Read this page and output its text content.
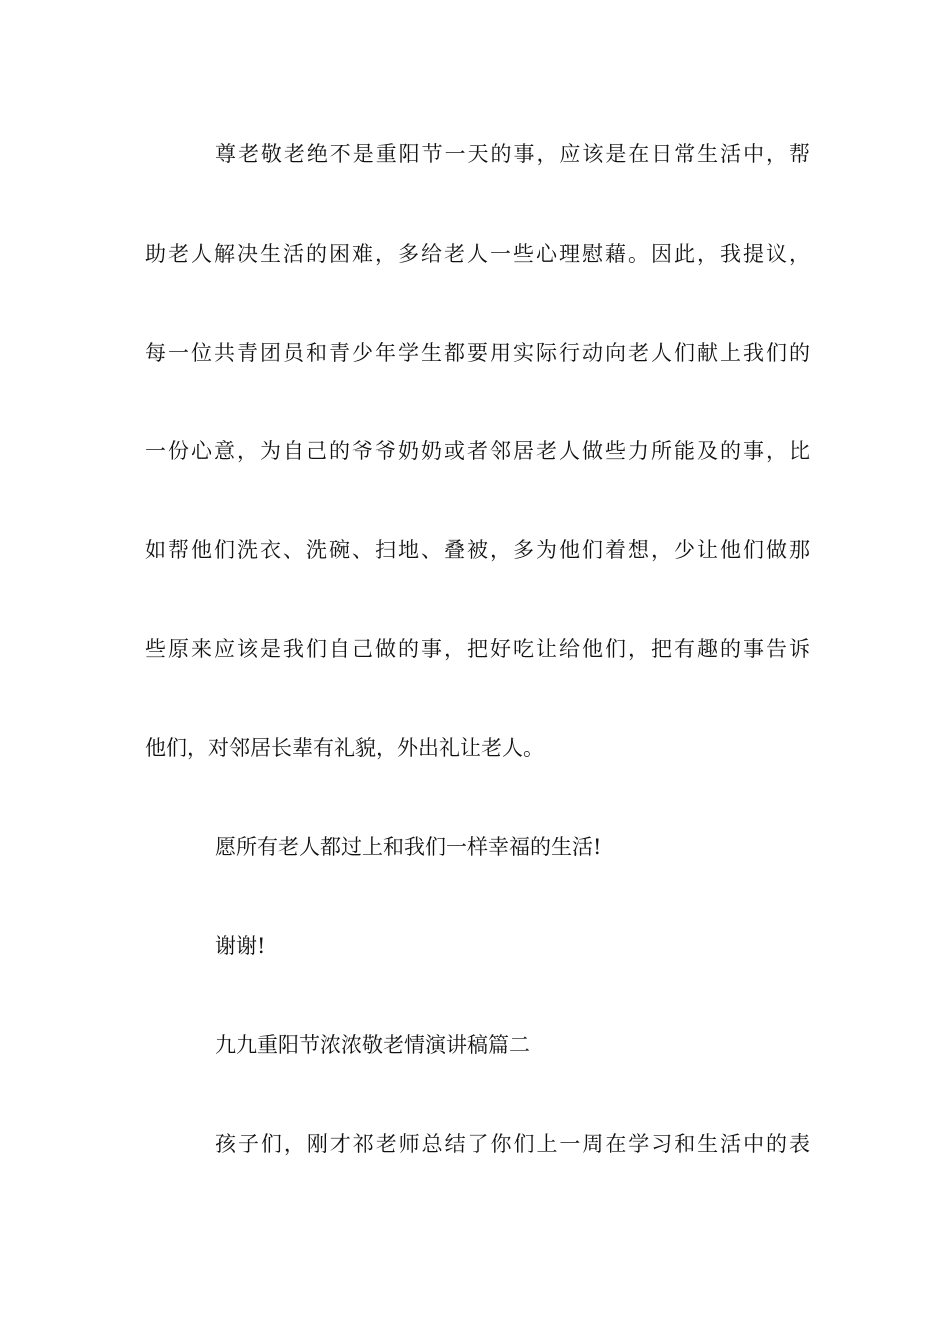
尊老敬老绝不是重阳节一天的事，应该是在日常生活中，帮
助老人解决生活的困难，多给老人一些心理慰藉。因此，我提议，
每一位共青团员和青少年学生都要用实际行动向老人们献上我们的
一份心意，为自己的爷爷奶奶或者邻居老人做些力所能及的事，比
如帮他们洗衣、洗碗、扫地、叠被，多为他们着想，少让他们做那
些原来应该是我们自己做的事，把好吃让给他们，把有趣的事告诉
他们，对邻居长辈有礼貌，外出礼让老人。
愿所有老人都过上和我们一样幸福的生活!
谢谢!
九九重阳节浓浓敬老情演讲稿篇二
孩子们，刚才祁老师总结了你们上一周在学习和生活中的表
